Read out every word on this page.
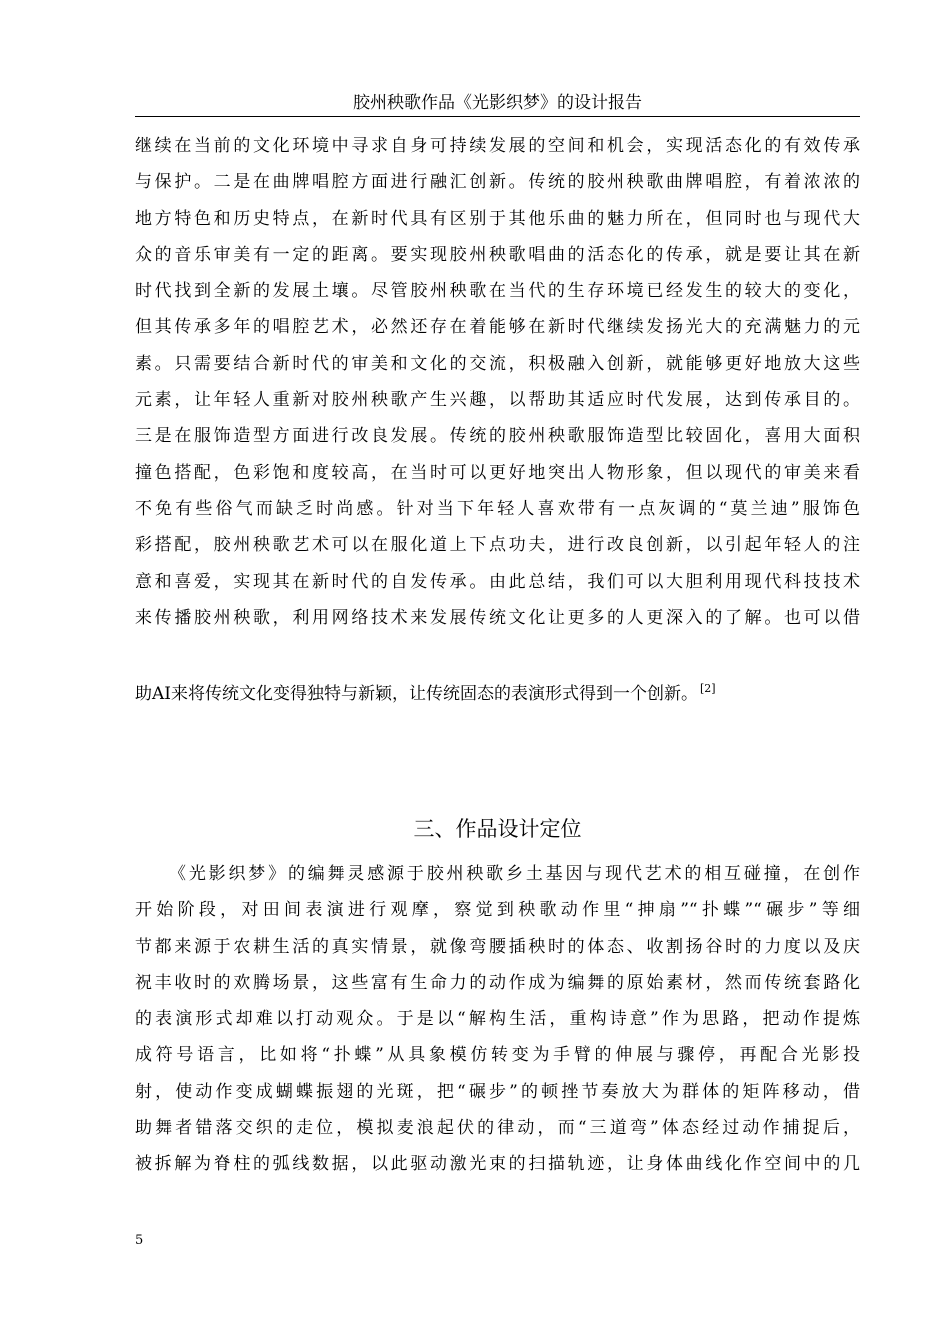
胶州秧歌作品《光影织梦》的设计报告
继续在当前的文化环境中寻求自身可持续发展的空间和机会，实现活态化的有效传承
与保护。二是在曲牌唱腔方面进行融汇创新。传统的胶州秧歌曲牌唱腔，有着浓浓的
地方特色和历史特点，在新时代具有区别于其他乐曲的魅力所在，但同时也与现代大
众的音乐审美有一定的距离。要实现胶州秧歌唱曲的活态化的传承，就是要让其在新
时代找到全新的发展土壤。尽管胶州秧歌在当代的生存环境已经发生的较大的变化，
但其传承多年的唱腔艺术，必然还存在着能够在新时代继续发扬光大的充满魅力的元
素。只需要结合新时代的审美和文化的交流，积极融入创新，就能够更好地放大这些
元素，让年轻人重新对胶州秧歌产生兴趣，以帮助其适应时代发展，达到传承目的。
三是在服饰造型方面进行改良发展。传统的胶州秧歌服饰造型比较固化，喜用大面积
撞色搭配，色彩饱和度较高，在当时可以更好地突出人物形象，但以现代的审美来看
不免有些俗气而缺乏时尚感。针对当下年轻人喜欢带有一点灰调的“莫兰迪”服饰色
彩搭配，胶州秧歌艺术可以在服化道上下点功夫，进行改良创新，以引起年轻人的注
意和喜爱，实现其在新时代的自发传承。由此总结，我们可以大胆利用现代科技技术
来传播胶州秧歌，利用网络技术来发展传统文化让更多的人更深入的了解。也可以借
助AI来将传统文化变得独特与新颖，让传统固态的表演形式得到一个创新。 [2]
三、作品设计定位
《光影织梦》的编舞灵感源于胶州秧歌乡土基因与现代艺术的相互碰撞，在创作
开始阶段，对田间表演进行观摩，察觉到秧歌动作里“抻扇”“扑蝶”“碾步”等细
节都来源于农耕生活的真实情景，就像弯腰插秧时的体态、收割扬谷时的力度以及庆
祝丰收时的欢腾场景，这些富有生命力的动作成为编舞的原始素材，然而传统套路化
的表演形式却难以打动观众。于是以“解构生活，重构诗意”作为思路，把动作提炼
成符号语言，比如将“扑蝶”从具象模仿转变为手臂的伸展与骤停，再配合光影投
射，使动作变成蝴蝶振翅的光斑，把“碾步”的顿挫节奏放大为群体的矩阵移动，借
助舞者错落交织的走位，模拟麦浪起伏的律动，而“三道弯”体态经过动作捕捉后，
被拆解为脊柱的弧线数据，以此驱动激光束的扫描轨迹，让身体曲线化作空间中的几
5
